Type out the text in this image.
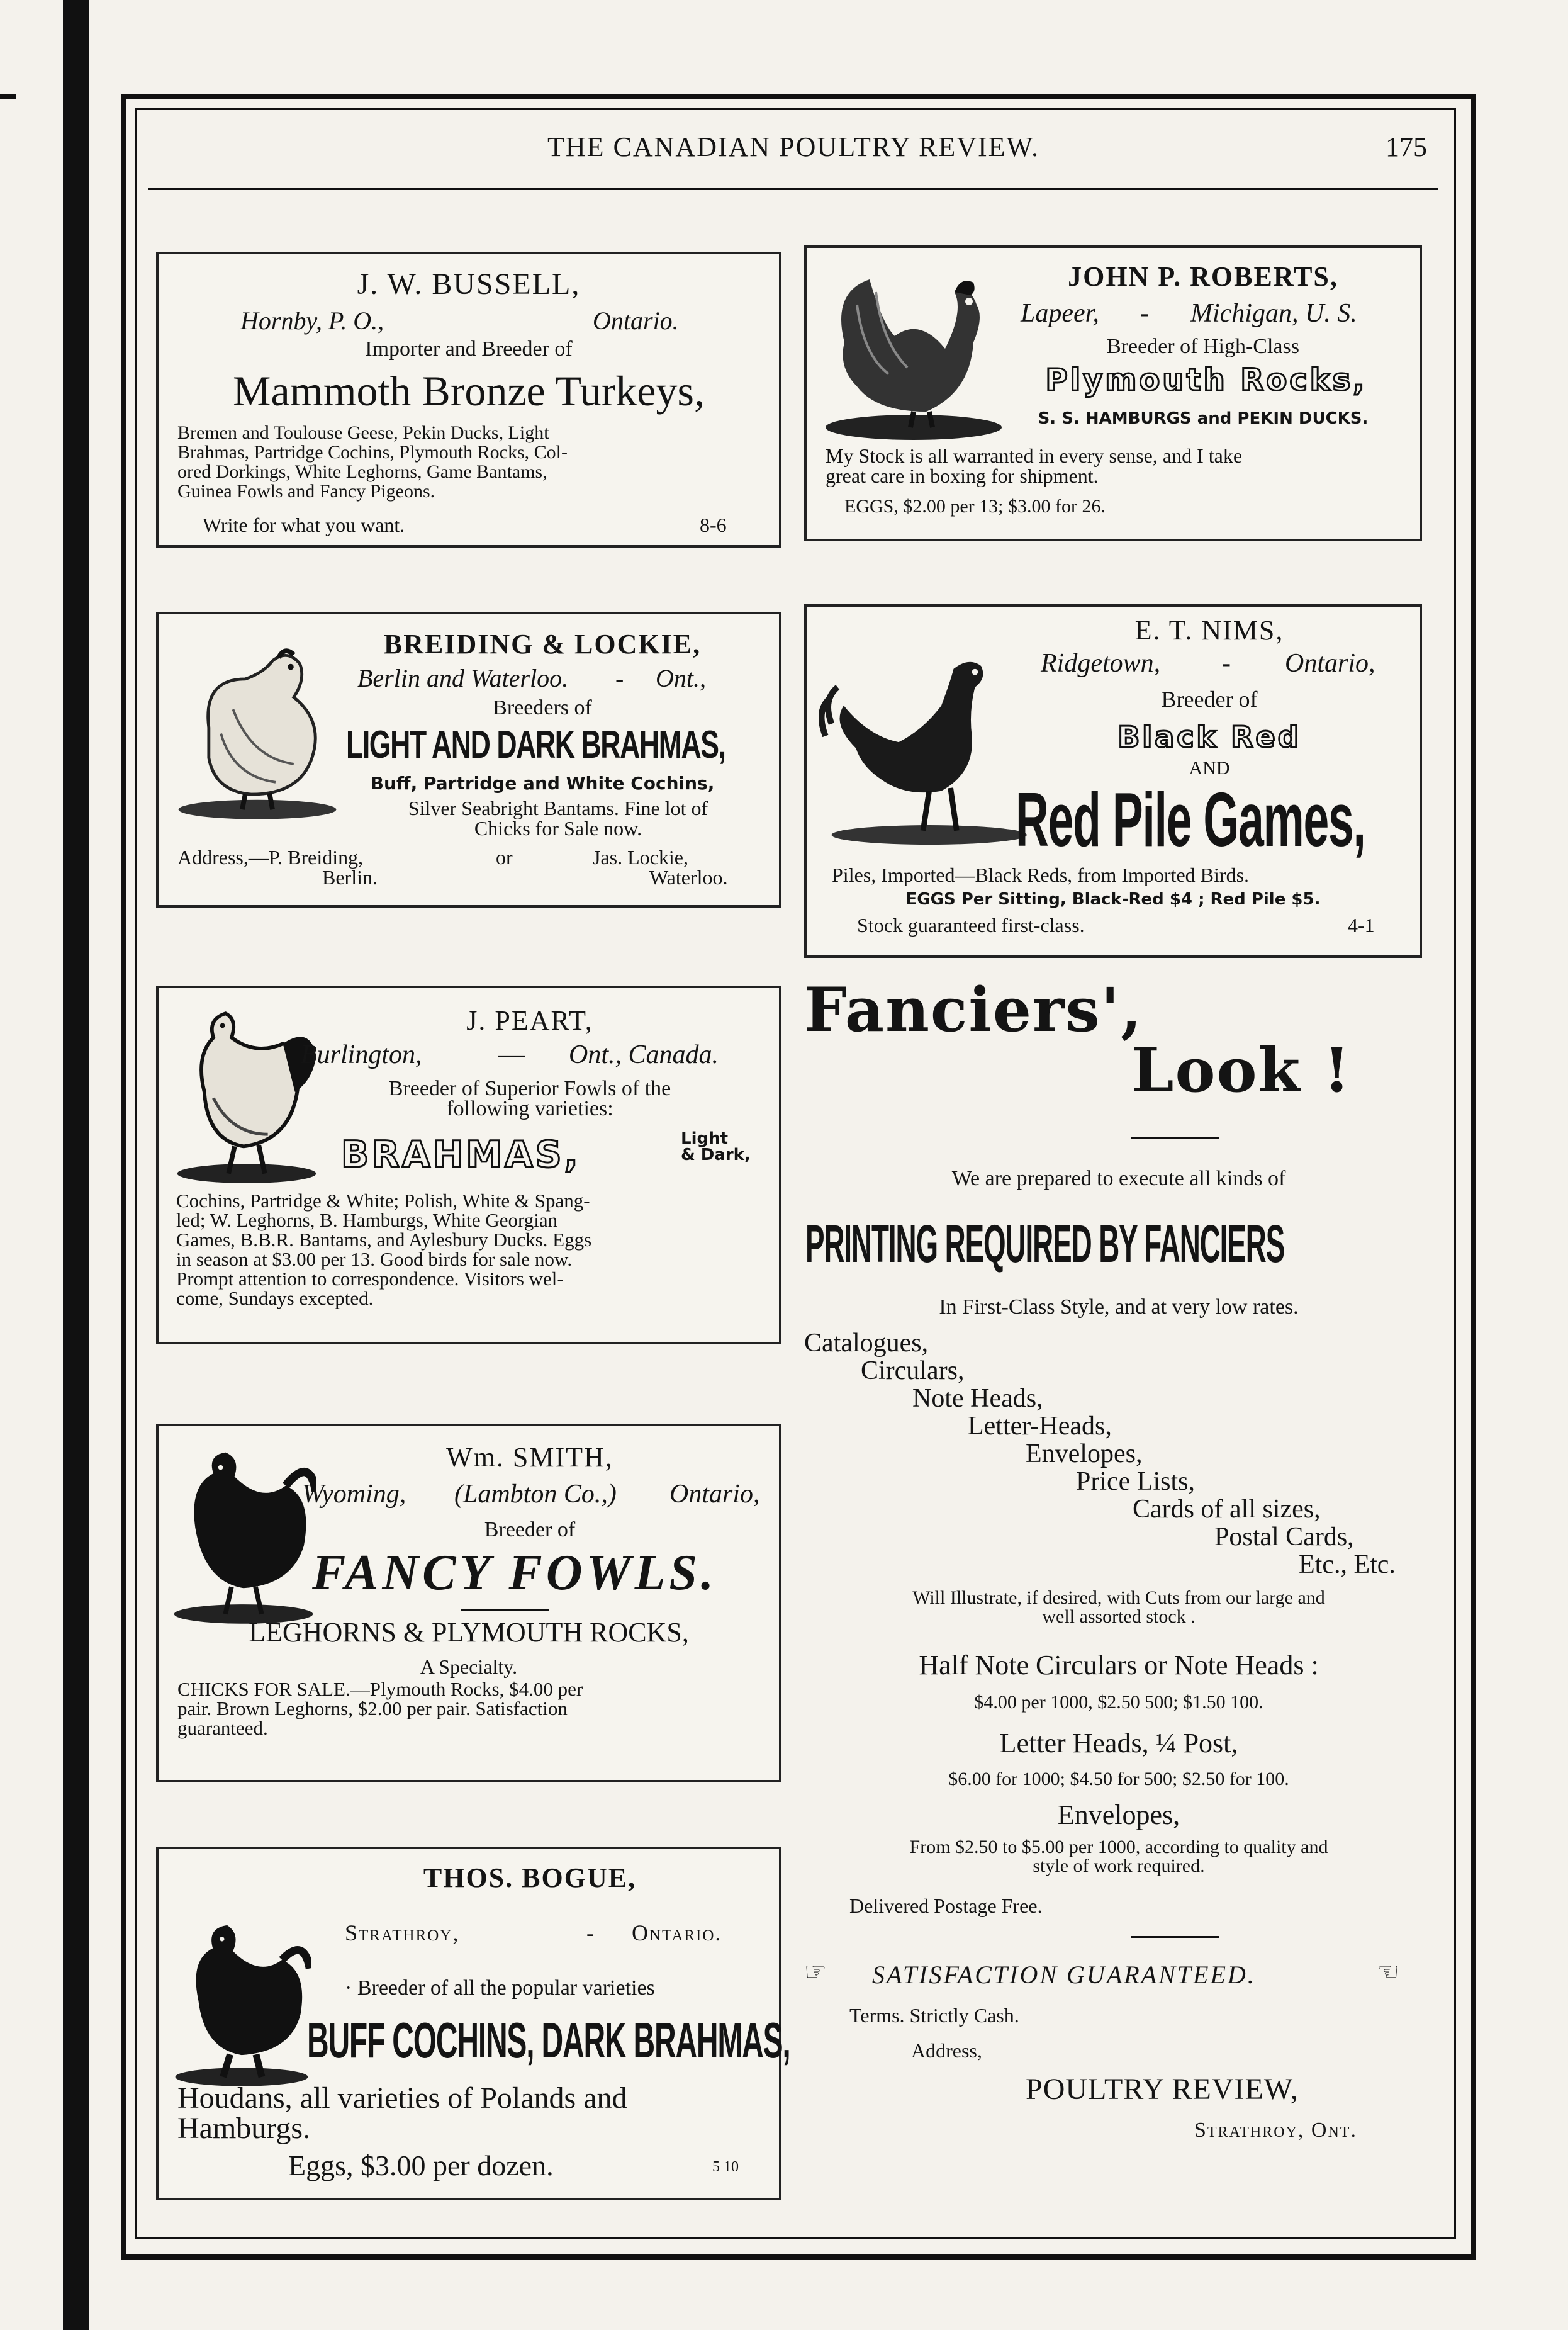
THE CANADIAN POULTRY REVIEW.	175
J. W. BUSSELL,
Hornby, P. O.,	Ontario.
Importer and Breeder of
Mammoth Bronze Turkeys,
Bremen and Toulouse Geese, Pekin Ducks, Light
Brahmas, Partridge Cochins, Plymouth Rocks, Col-
ored Dorkings, White Leghorns, Game Bantams,
Guinea Fowls and Fancy Pigeons.
Write for what you want.	8-6
JOHN P. ROBERTS,
Lapeer, - Michigan, U. S.
Breeder of High-Class
Plymouth Rocks,
S. S. HAMBURGS and PEKIN DUCKS.
My Stock is all warranted in every sense, and I take
great care in boxing for shipment.
EGGS, $2.00 per 13; $3.00 for 26.
BREIDING & LOCKIE,
Berlin and Waterloo. - Ont.,
Breeders of
LIGHT AND DARK BRAHMAS,
Buff, Partridge and White Cochins,
Silver Seabright Bantams. Fine lot of
Chicks for Sale now.
Address,—P. Breiding,	or	Jas. Lockie,
Berlin.	Waterloo.
E. T. NIMS,
Ridgetown, - Ontario,
Breeder of
Black Red
AND
Red Pile Games,
Piles, Imported—Black Reds, from Imported Birds.
EGGS Per Sitting, Black-Red $4 ; Red Pile $5.
Stock guaranteed first-class.	4-1
J. PEART,
Burlington,	— Ont., Canada.
Breeder of Superior Fowls of the
following varieties:
BRAHMAS,	Light
& Dark,
Cochins, Partridge & White; Polish, White & Spang-
led; W. Leghorns, B. Hamburgs, White Georgian
Games, B.B.R. Bantams, and Aylesbury Ducks. Eggs
in season at $3.00 per 13. Good birds for sale now.
Prompt attention to correspondence. Visitors wel-
come, Sundays excepted.
Wm. SMITH,
Wyoming, (Lambton Co.,) Ontario,
Breeder of
FANCY FOWLS.
LEGHORNS & PLYMOUTH ROCKS,
A Specialty.
CHICKS FOR SALE.—Plymouth Rocks, $4.00 per
pair. Brown Leghorns, $2.00 per pair. Satisfaction
guaranteed.
THOS. BOGUE,
Strathroy,	- Ontario.
· Breeder of all the popular varieties
BUFF COCHINS, DARK BRAHMAS,
Houdans, all varieties of Polands and
Hamburgs.
Eggs, $3.00 per dozen.	5 10
Fanciers',
Look !
We are prepared to execute all kinds of
PRINTING REQUIRED BY FANCIERS
In First-Class Style, and at very low rates.
Catalogues,
Circulars,
Note Heads,
Letter-Heads,
Envelopes,
Price Lists,
Cards of all sizes,
Postal Cards,
Etc., Etc.
Will Illustrate, if desired, with Cuts from our large and
well assorted stock .
Half Note Circulars or Note Heads :
$4.00 per 1000, $2.50 500; $1.50 100.
Letter Heads, ¼ Post,
$6.00 for 1000; $4.50 for 500; $2.50 for 100.
Envelopes,
From $2.50 to $5.00 per 1000, according to quality and
style of work required.
Delivered Postage Free.
☞ SATISFACTION GUARANTEED.	☞
Terms. Strictly Cash.
Address,
POULTRY REVIEW,
Strathroy, Ont.
